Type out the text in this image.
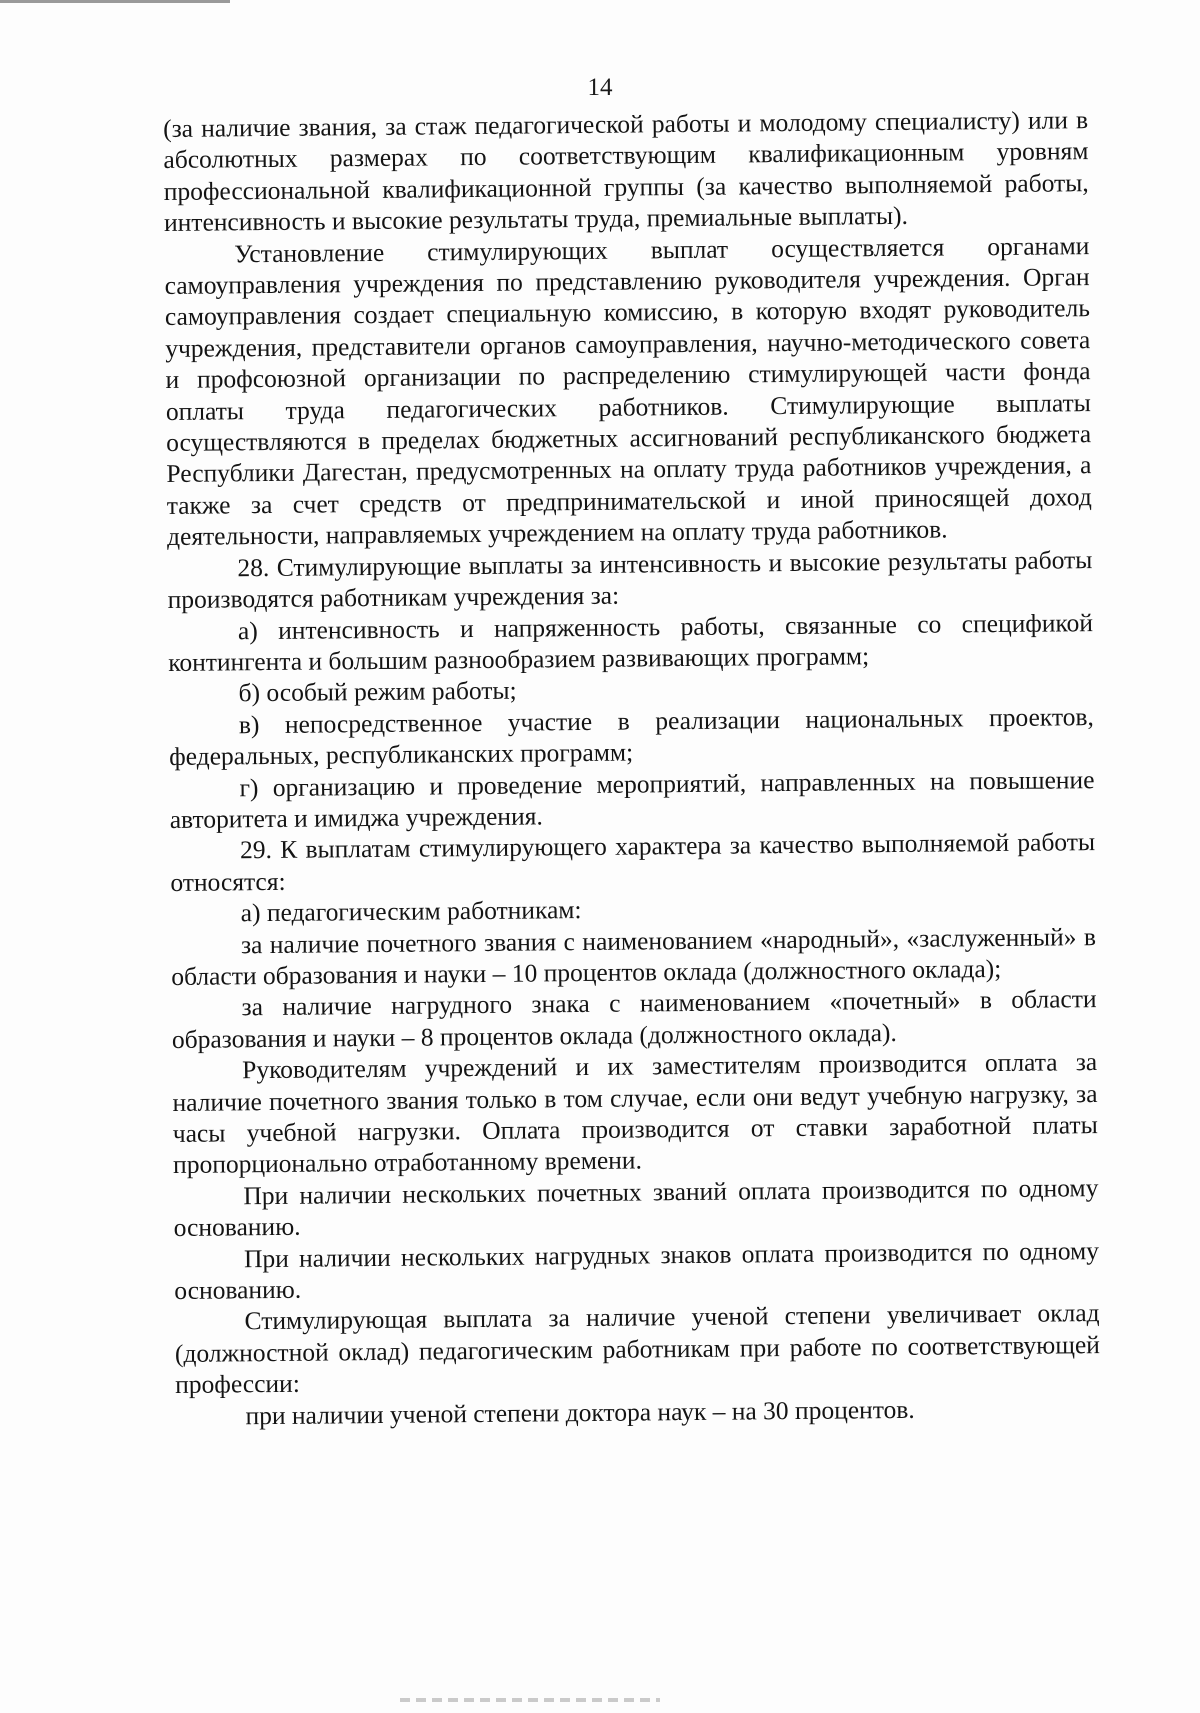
14

(за наличие звания, за стаж педагогической работы и молодому специалисту) или в абсолютных размерах по соответствующим квалификационным уровням профессиональной квалификационной группы (за качество выполняемой работы, интенсивность и высокие результаты труда, премиальные выплаты).

Установление стимулирующих выплат осуществляется органами самоуправления учреждения по представлению руководителя учреждения. Орган самоуправления создает специальную комиссию, в которую входят руководитель учреждения, представители органов самоуправления, научно-методического совета и профсоюзной организации по распределению стимулирующей части фонда оплаты труда педагогических работников. Стимулирующие выплаты осуществляются в пределах бюджетных ассигнований республиканского бюджета Республики Дагестан, предусмотренных на оплату труда работников учреждения, а также за счет средств от предпринимательской и иной приносящей доход деятельности, направляемых учреждением на оплату труда работников.

28. Стимулирующие выплаты за интенсивность и высокие результаты работы производятся работникам учреждения за:

а) интенсивность и напряженность работы, связанные со спецификой контингента и большим разнообразием развивающих программ;

б) особый режим работы;

в) непосредственное участие в реализации национальных проектов, федеральных, республиканских программ;

г) организацию и проведение мероприятий, направленных на повышение авторитета и имиджа учреждения.

29. К выплатам стимулирующего характера за качество выполняемой работы относятся:

а) педагогическим работникам:

за наличие почетного звания с наименованием «народный», «заслуженный» в области образования и науки – 10 процентов оклада (должностного оклада);

за наличие нагрудного знака с наименованием «почетный» в области образования и науки – 8 процентов оклада (должностного оклада).

Руководителям учреждений и их заместителям производится оплата за наличие почетного звания только в том случае, если они ведут учебную нагрузку, за часы учебной нагрузки. Оплата производится от ставки заработной платы пропорционально отработанному времени.

При наличии нескольких почетных званий оплата производится по одному основанию.

При наличии нескольких нагрудных знаков оплата производится по одному основанию.

Стимулирующая выплата за наличие ученой степени увеличивает оклад (должностной оклад) педагогическим работникам при работе по соответствующей профессии:

при наличии ученой степени доктора наук – на 30 процентов.
